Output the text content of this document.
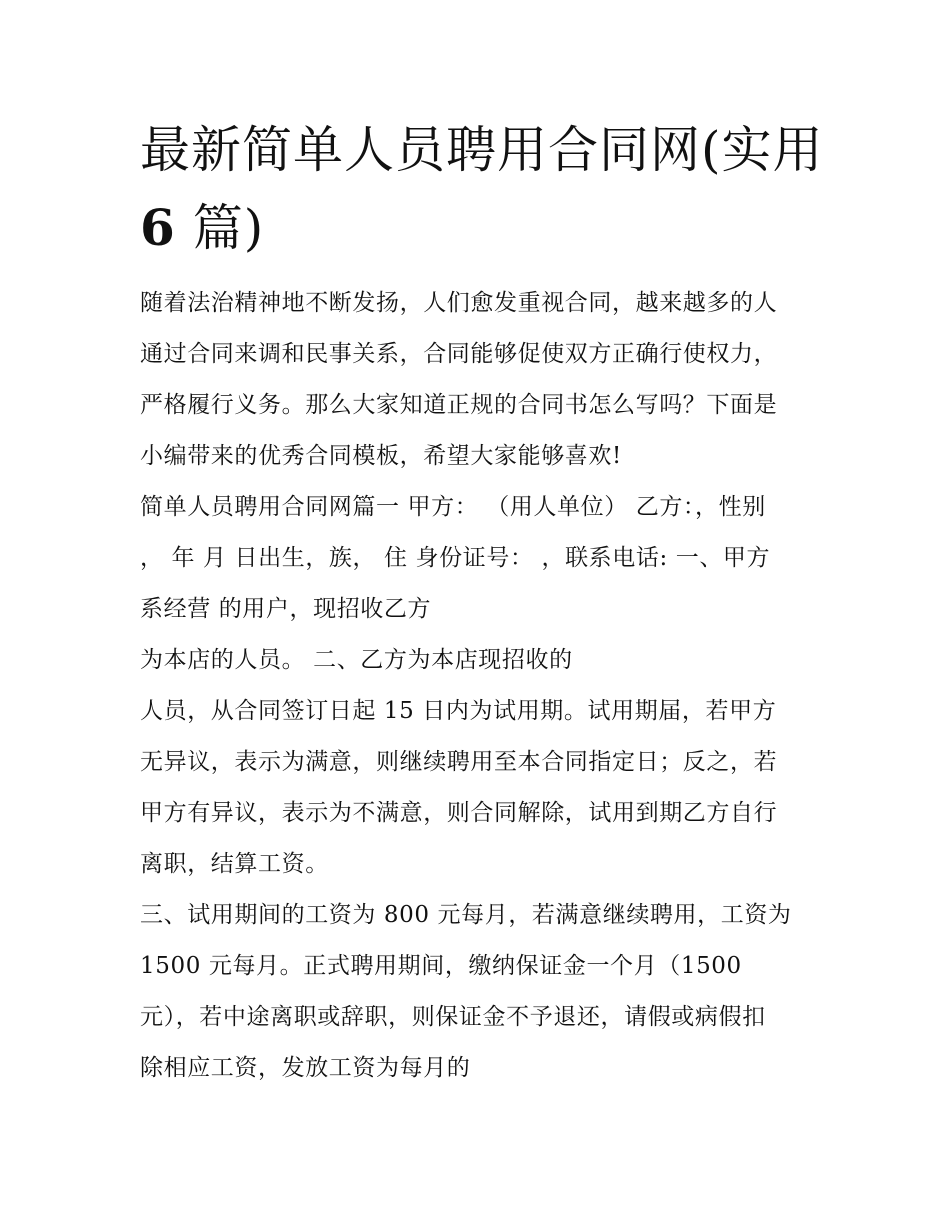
最新简单人员聘用合同网(实用
6 篇)
随着法治精神地不断发扬，人们愈发重视合同，越来越多的人
通过合同来调和民事关系，合同能够促使双方正确行使权力，
严格履行义务。那么大家知道正规的合同书怎么写吗？下面是
小编带来的优秀合同模板，希望大家能够喜欢!
简单人员聘用合同网篇一 甲方： （用人单位） 乙方：，性别
， 年 月 日出生，族， 住 身份证号： ，联系电话: 一、甲方
系经营 的用户，现招收乙方
为本店的人员。 二、乙方为本店现招收的
人员，从合同签订日起 15 日内为试用期。试用期届，若甲方
无异议，表示为满意，则继续聘用至本合同指定日；反之，若
甲方有异议，表示为不满意，则合同解除，试用到期乙方自行
离职，结算工资。
三、试用期间的工资为 800 元每月，若满意继续聘用，工资为
1500 元每月。正式聘用期间，缴纳保证金一个月（1500
元），若中途离职或辞职，则保证金不予退还，请假或病假扣
除相应工资，发放工资为每月的
